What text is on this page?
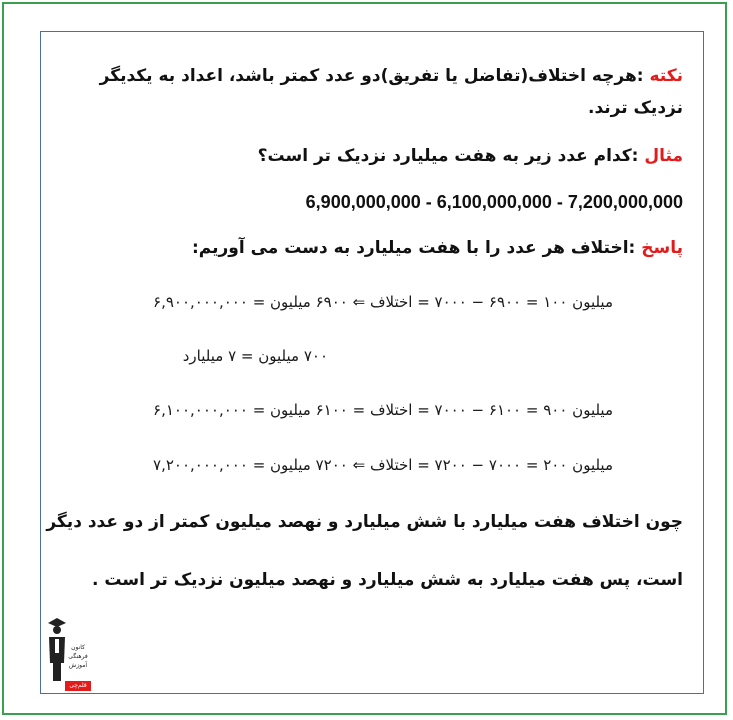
نکته :هرچه اختلاف(تفاضل یا تفریق)دو عدد کمتر باشد، اعداد به یکدیگر
نزدیک ترند.
مثال :کدام عدد زیر به هفت میلیارد نزدیک تر است؟
6,900,000,000 - 6,100,000,000 - 7,200,000,000
پاسخ :اختلاف هر عدد را با هفت میلیارد به دست می آوریم:
میلیون ۱۰۰ = ۶۹۰۰ − ۷۰۰۰ = اختلاف ⇐ ۶۹۰۰ میلیون = ۶,۹۰۰,۰۰۰,۰۰۰
۷۰۰ میلیون = ۷ میلیارد
میلیون ۹۰۰ = ۶۱۰۰ − ۷۰۰۰ = اختلاف = ۶۱۰۰ میلیون = ۶,۱۰۰,۰۰۰,۰۰۰
میلیون ۲۰۰ = ۷۰۰۰ − ۷۲۰۰ = اختلاف ⇐ ۷۲۰۰ میلیون = ۷,۲۰۰,۰۰۰,۰۰۰
چون اختلاف هفت میلیارد با شش میلیارد و نهصد میلیون کمتر از دو عدد دیگر
است، پس هفت میلیارد به شش میلیارد و نهصد میلیون نزدیک تر است .
کانون فرهنگی آموزش
قلم‌چی
